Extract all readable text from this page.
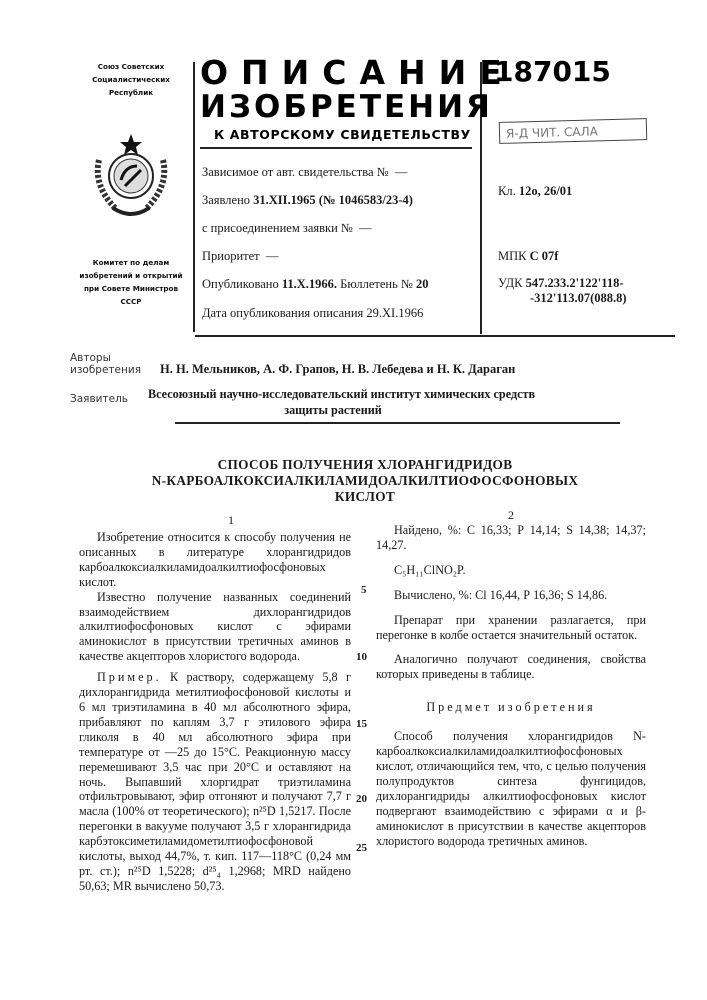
Союз Советских
Социалистических
Республик
Комитет по делам
изобретений и открытий
при Совете Министров
СССР
ОПИСАНИЕ
ИЗОБРЕТЕНИЯ
К АВТОРСКОМУ СВИДЕТЕЛЬСТВУ
187015
Я-Д ЧИТ. САЛА
Зависимое от авт. свидетельства № —
Заявлено 31.XII.1965 (№ 1046583/23-4)
с присоединением заявки № —
Приоритет —
Опубликовано 11.X.1966. Бюллетень № 20
Дата опубликования описания 29.XI.1966
Кл. 12о, 26/01
МПК С 07f
УДК 547.233.2'122'118-
-312'113.07(088.8)
Авторы
изобретения Н. Н. Мельников, А. Ф. Грапов, Н. В. Лебедева и Н. К. Дараган
Заявитель Всесоюзный научно-исследовательский институт химических средств
защиты растений
СПОСОБ ПОЛУЧЕНИЯ ХЛОРАНГИДРИДОВ
N-КАРБОАЛКОКСИАЛКИЛАМИДОАЛКИЛТИОФОСФОНОВЫХ
КИСЛОТ
1

Изобретение относится к способу получения не описанных в литературе хлорангидридов карбоалкоксиалкиламидоалкилтиофосфоновых кислот.

Известно получение названных соединений взаимодействием дихлорангидридов алкилтиофосфоновых кислот с эфирами аминокислот в присутствии третичных аминов в качестве акцепторов хлористого водорода.

Пример. К раствору, содержащему 5,8 г дихлорангидрида метилтиофосфоновой кислоты и 6 мл триэтиламина в 40 мл абсолютного эфира, прибавляют по каплям 3,7 г этилового эфира гликоля в 40 мл абсолютного эфира при температуре от —25 до 15°С. Реакционную массу перемешивают 3,5 час при 20°С и оставляют на ночь. Выпавший хлоргидрат триэтиламина отфильтровывают, эфир отгоняют и получают 7,7 г масла (100% от теоретического); n²⁵D 1,5217. После перегонки в вакууме получают 3,5 г хлорангидрида карбэтоксиметиламидометилтиофосфоновой кислоты, выход 44,7%, т. кип. 117—118°С (0,24 мм рт. ст.); n²⁵D 1,5228; d²⁵₄ 1,2968; MRD найдено 50,63; MR вычислено 50,73.

5
10
15
20
25
2

Найдено, %: С 16,33; Р 14,14; S 14,38; 14,37; 14,27.

C₅H₁₁ClNO₂P.

Вычислено, %: Cl 16,44, Р 16,36; S 14,86.

Препарат при хранении разлагается, при перегонке в колбе остается значительный остаток.

Аналогично получают соединения, свойства которых приведены в таблице.

Предмет изобретения

Способ получения хлорангидридов N-карбоалкоксиалкиламидоалкилтиофосфоновых кислот, отличающийся тем, что, с целью получения полупродуктов синтеза фунгицидов, дихлорангидриды алкилтиофосфоновых кислот подвергают взаимодействию с эфирами α и β-аминокислот в присутствии в качестве акцепторов хлористого водорода третичных аминов.
